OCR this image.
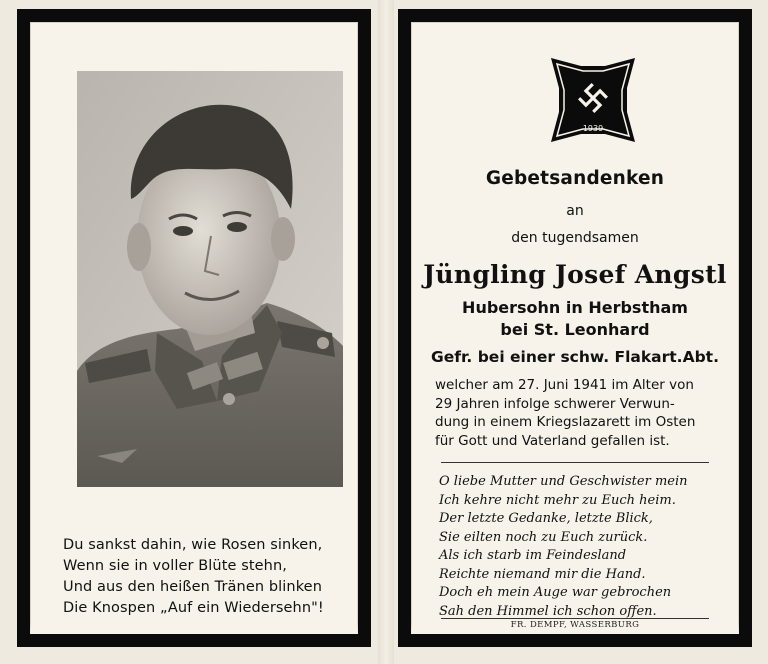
Du sankst dahin, wie Rosen sinken,
Wenn sie in voller Blüte stehn,
Und aus den heißen Tränen blinken
Die Knospen „Auf ein Wiedersehn"!
1939
Gebetsandenken
an
den tugendsamen
Jüngling Josef Angstl
Hubersohn in Herbstham
bei St. Leonhard
Gefr. bei einer schw. Flakart.Abt.
welcher am 27. Juni 1941 im Alter von
29 Jahren infolge schwerer Verwun-
dung in einem Kriegslazarett im Osten
für Gott und Vaterland gefallen ist.
O liebe Mutter und Geschwister mein
Ich kehre nicht mehr zu Euch heim.
Der letzte Gedanke, letzte Blick,
Sie eilten noch zu Euch zurück.
Als ich starb im Feindesland
Reichte niemand mir die Hand.
Doch eh mein Auge war gebrochen
Sah den Himmel ich schon offen.
FR. DEMPF, WASSERBURG
